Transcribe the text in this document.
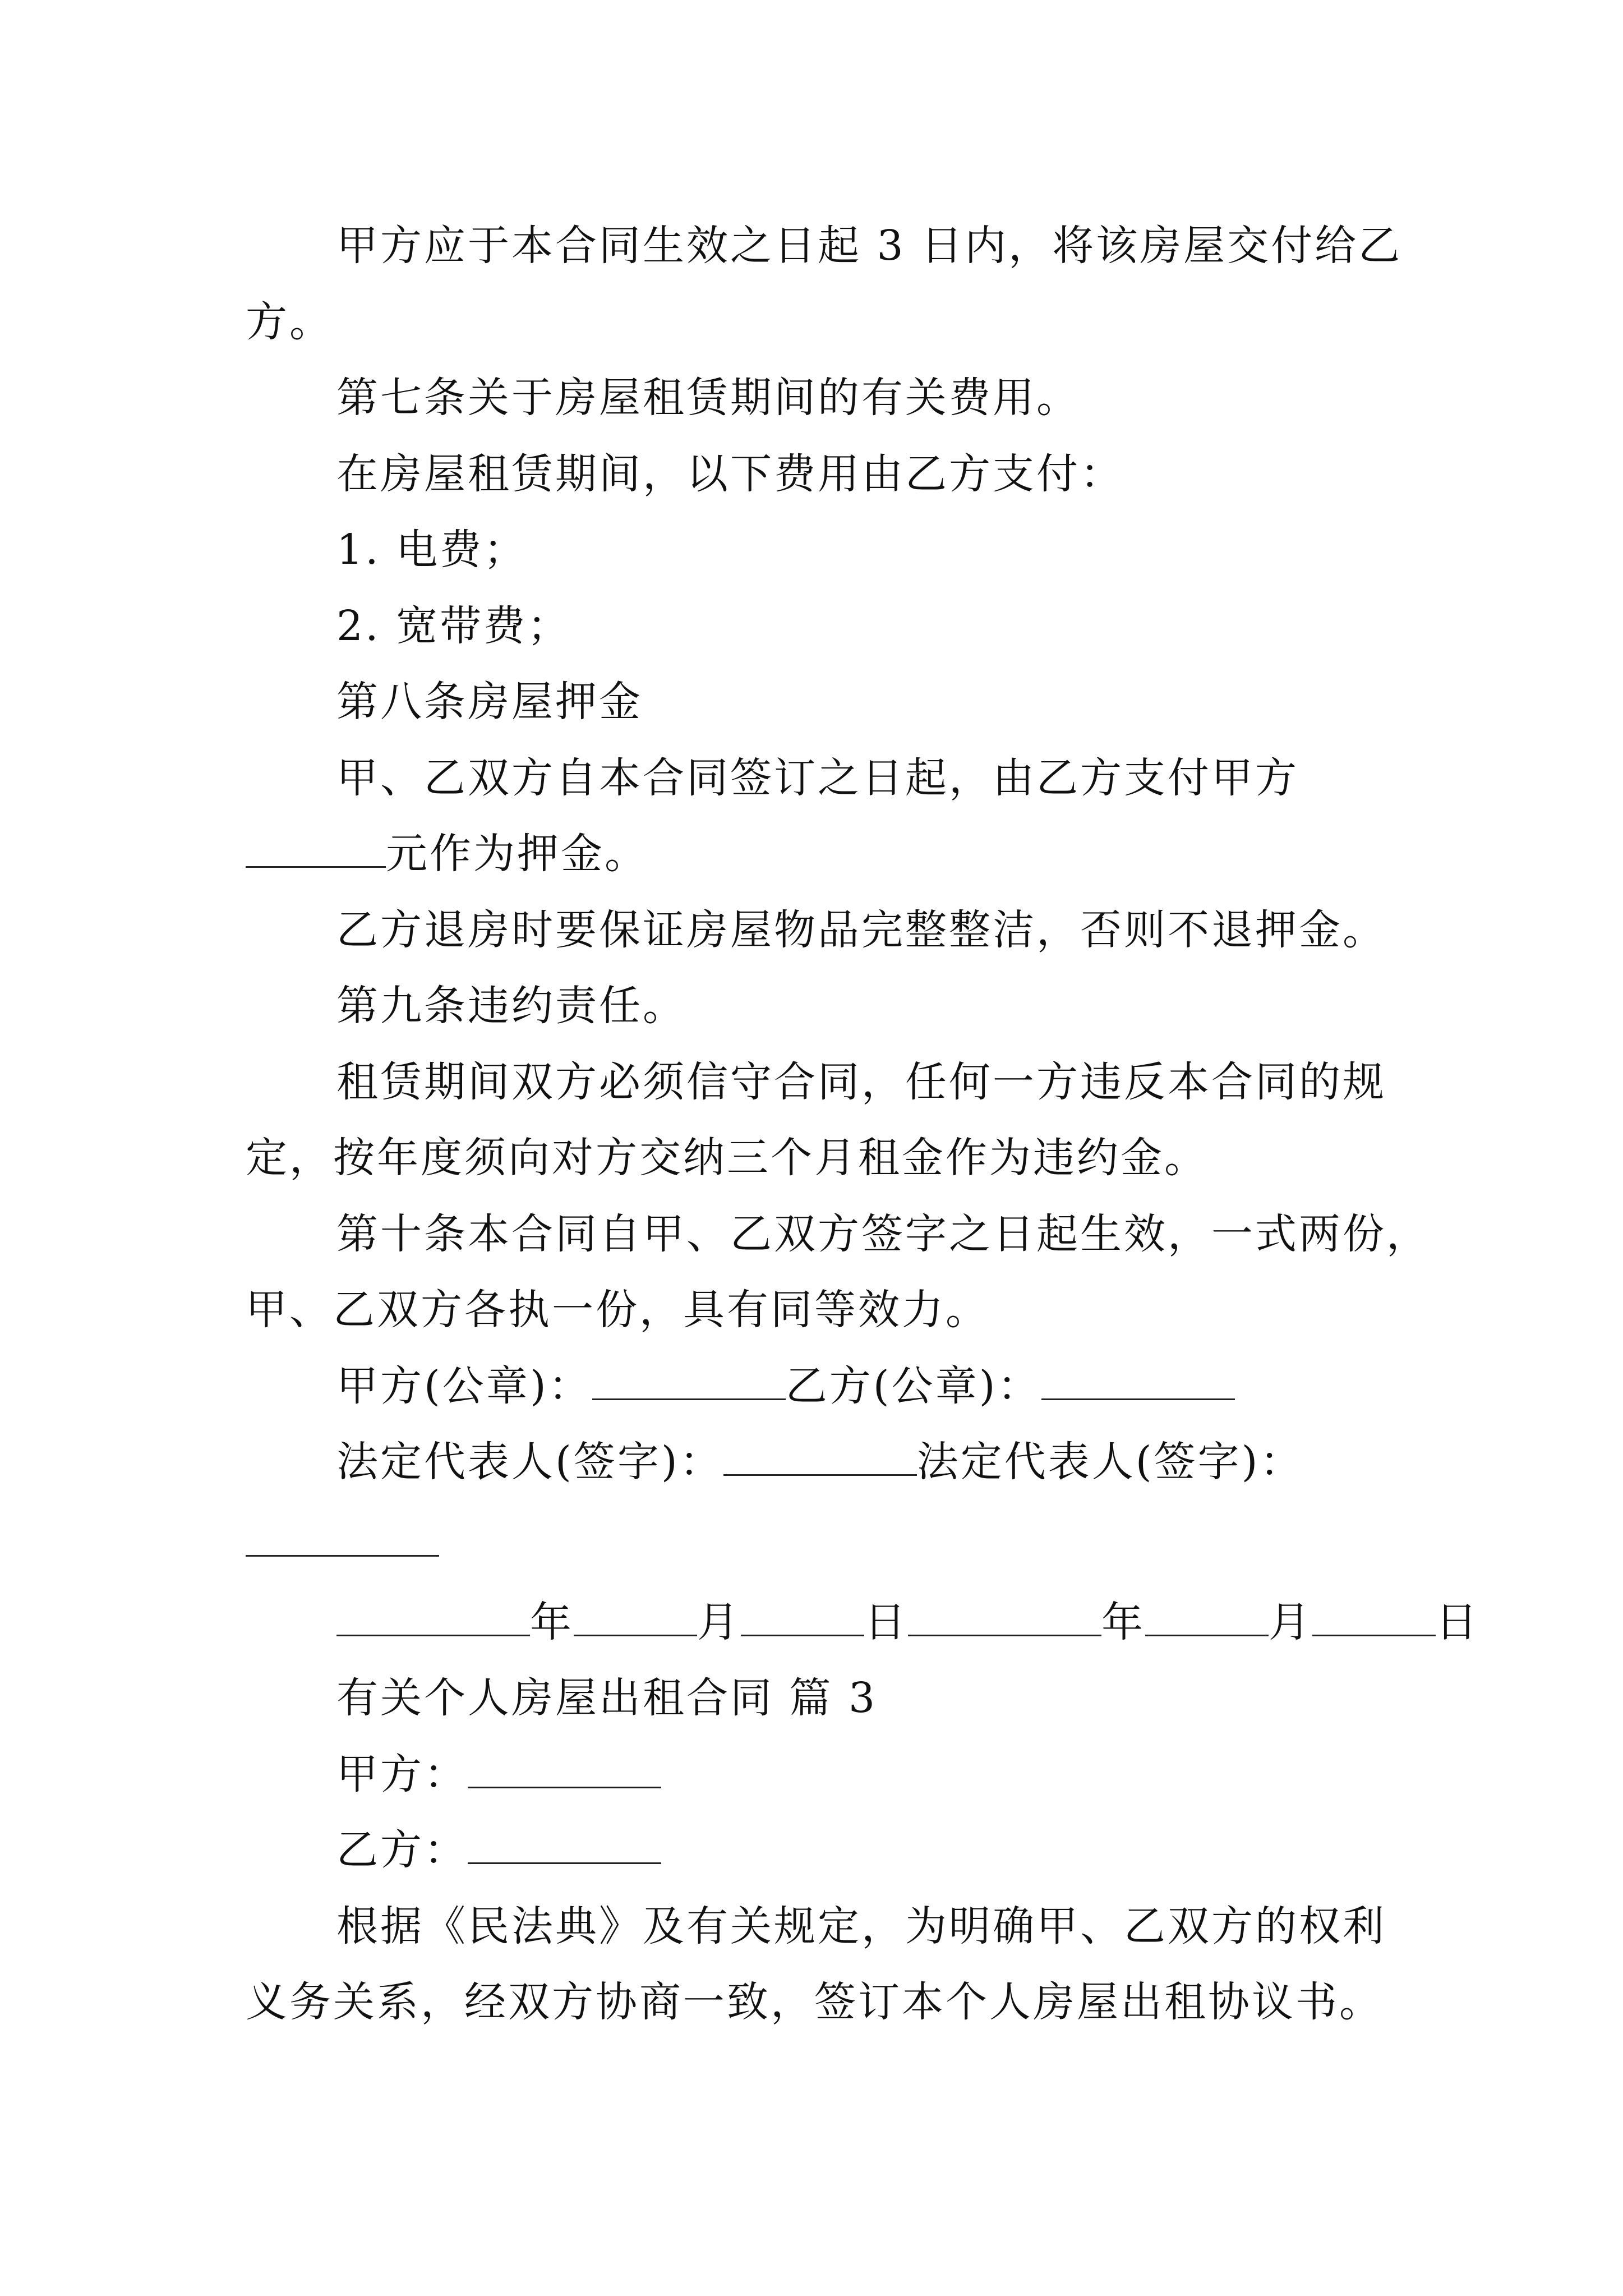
甲方应于本合同生效之日起 3 日内，将该房屋交付给乙
方。
第七条关于房屋租赁期间的有关费用。
在房屋租赁期间，以下费用由乙方支付：
1. 电费；
2. 宽带费；
第八条房屋押金
甲、乙双方自本合同签订之日起，由乙方支付甲方
元作为押金。
乙方退房时要保证房屋物品完整整洁，否则不退押金。
第九条违约责任。
租赁期间双方必须信守合同，任何一方违反本合同的规
定，按年度须向对方交纳三个月租金作为违约金。
第十条本合同自甲、乙双方签字之日起生效，一式两份，
甲、乙双方各执一份，具有同等效力。
甲方(公章)：	乙方(公章)：
法定代表人(签字)：	法定代表人(签字)：
年	月	日	年	月	日
有关个人房屋出租合同 篇 3
甲方：
乙方：
根据《民法典》及有关规定，为明确甲、乙双方的权利
义务关系，经双方协商一致，签订本个人房屋出租协议书。
